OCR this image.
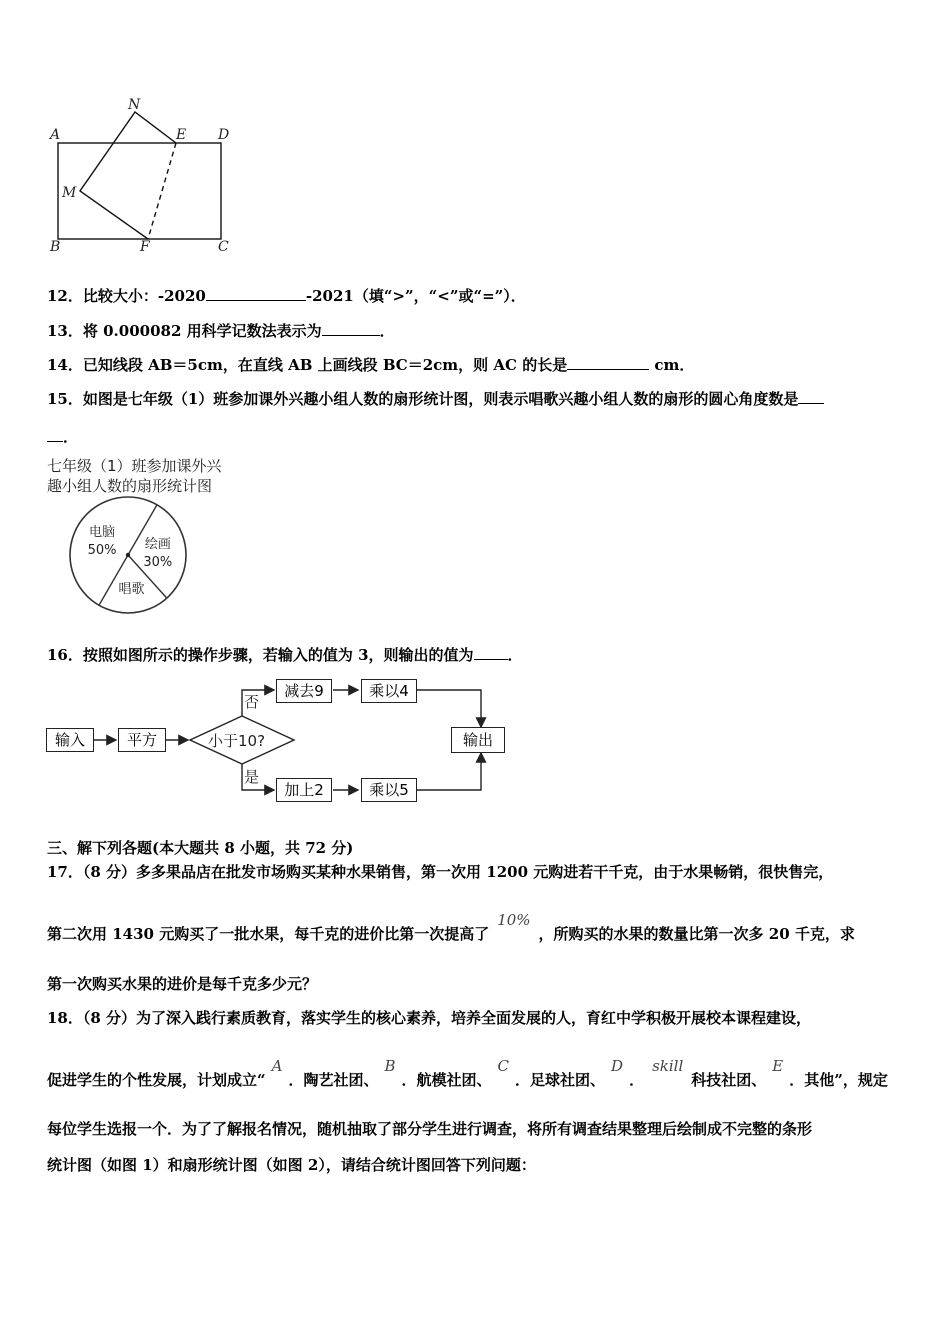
A
N
E D
M
B	F	C
12．比较大小：-2020	-2021（填“>”，“<”或“=”）．
13．将 0.000082 用科学记数法表示为	．
14．已知线段 AB＝5cm，在直线 AB 上画线段 BC＝2cm，则 AC 的长是	cm．
15．如图是七年级（1）班参加课外兴趣小组人数的扇形统计图，则表示唱歌兴趣小组人数的扇形的圆心角度数是
．
七年级（1）班参加课外兴
趣小组人数的扇形统计图
电脑
50%
唱歌
绘画
30%
16．按照如图所示的操作步骤，若输入的值为 3，则输出的值为 ．
输入	平方	小于10?
否
是
减去9	乘以4
加上2	乘以5
输出
三、解下列各题(本大题共 8 小题，共 72 分)
17．（8 分）多多果品店在批发市场购买某种水果销售，第一次用 1200 元购进若干千克，由于水果畅销，很快售完，
第二次用 1430 元购买了一批水果，每千克的进价比第一次提高了10%，所购买的水果的数量比第一次多 20 千克，求
第一次购买水果的进价是每千克多少元？
18．（8 分）为了深入践行素质教育，落实学生的核心素养，培养全面发展的人，育红中学积极开展校本课程建设，
促进学生的个性发展，计划成立“A．陶艺社团、B．航模社团、C．足球社团、D．skill科技社团、E．其他”，规定
每位学生选报一个．为了了解报名情况，随机抽取了部分学生进行调查，将所有调查结果整理后绘制成不完整的条形
统计图（如图 1）和扇形统计图（如图 2），请结合统计图回答下列问题：
